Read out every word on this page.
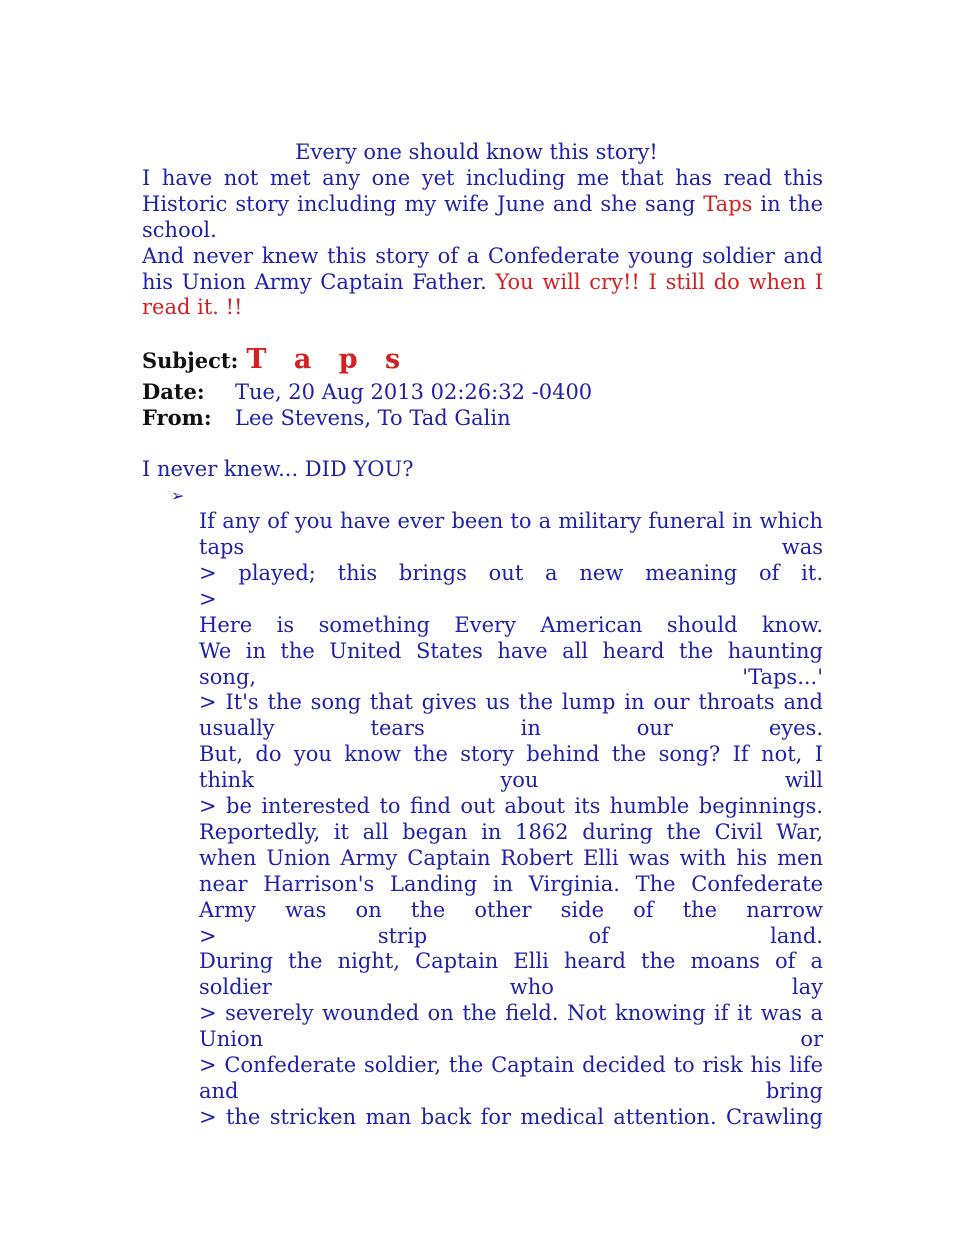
Every one should know this story!
I have not met any one yet including me that has read this Historic story including my wife June and she sang Taps in the school.
And never knew this story of a Confederate young soldier and his Union Army Captain Father. You will cry!! I still do when I read it. !!
Subject: T a p s
Date:	Tue, 20 Aug 2013 02:26:32 -0400
From:	Lee Stevens, To Tad Galin
I never knew... DID YOU?
➢
If any of you have ever been to a military funeral in which
taps was
> played; this brings out a new meaning of it.
>
Here is something Every American should know.
We in the United States have all heard the haunting
song, 'Taps...'
> It's the song that gives us the lump in our throats and
usually tears in our eyes.
But, do you know the story behind the song? If not, I
think you will
> be interested to find out about its humble beginnings.
Reportedly, it all began in 1862 during the Civil War,
when Union Army Captain Robert Elli was with his men
near Harrison's Landing in Virginia. The Confederate
Army was on the other side of the narrow
> strip of land.
During the night, Captain Elli heard the moans of a
soldier who lay
> severely wounded on the field. Not knowing if it was a
Union or
> Confederate soldier, the Captain decided to risk his life
and bring
> the stricken man back for medical attention. Crawling
